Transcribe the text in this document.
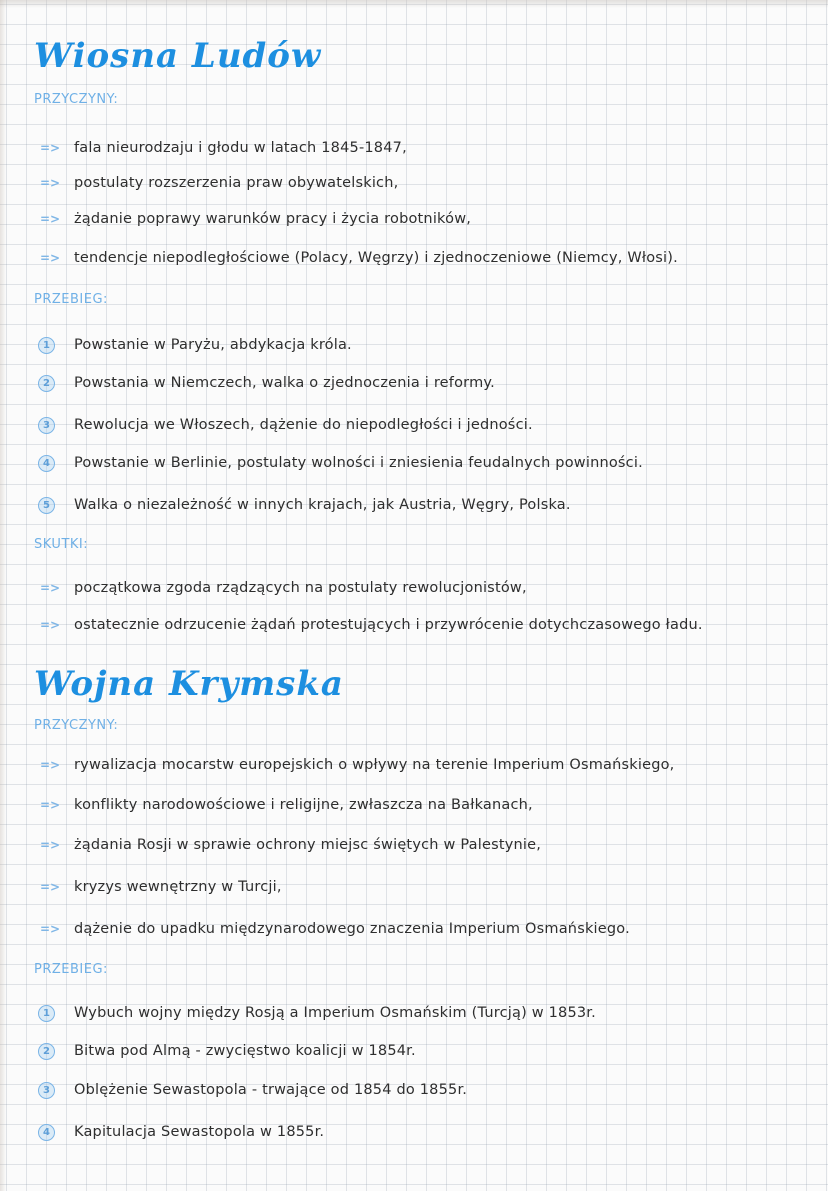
Wiosna Ludów
PRZYCZYNY:
=> fala nieurodzaju i głodu w latach 1845-1847,
=> postulaty rozszerzenia praw obywatelskich,
=> żądanie poprawy warunków pracy i życia robotników,
=> tendencje niepodległościowe (Polacy, Węgrzy) i zjednoczeniowe (Niemcy, Włosi).
PRZEBIEG:
1	Powstanie w Paryżu, abdykacja króla.
2	Powstania w Niemczech, walka o zjednoczenia i reformy.
3	Rewolucja we Włoszech, dążenie do niepodległości i jedności.
4	Powstanie w Berlinie, postulaty wolności i zniesienia feudalnych powinności.
5	Walka o niezależność w innych krajach, jak Austria, Węgry, Polska.
SKUTKI:
=> początkowa zgoda rządzących na postulaty rewolucjonistów,
=> ostatecznie odrzucenie żądań protestujących i przywrócenie dotychczasowego ładu.
Wojna Krymska
PRZYCZYNY:
=> rywalizacja mocarstw europejskich o wpływy na terenie Imperium Osmańskiego,
=> konflikty narodowościowe i religijne, zwłaszcza na Bałkanach,
=> żądania Rosji w sprawie ochrony miejsc świętych w Palestynie,
=> kryzys wewnętrzny w Turcji,
=> dążenie do upadku międzynarodowego znaczenia Imperium Osmańskiego.
PRZEBIEG:
1	Wybuch wojny między Rosją a Imperium Osmańskim (Turcją) w 1853r.
2	Bitwa pod Almą - zwycięstwo koalicji w 1854r.
3	Oblężenie Sewastopola - trwające od 1854 do 1855r.
4	Kapitulacja Sewastopola w 1855r.
